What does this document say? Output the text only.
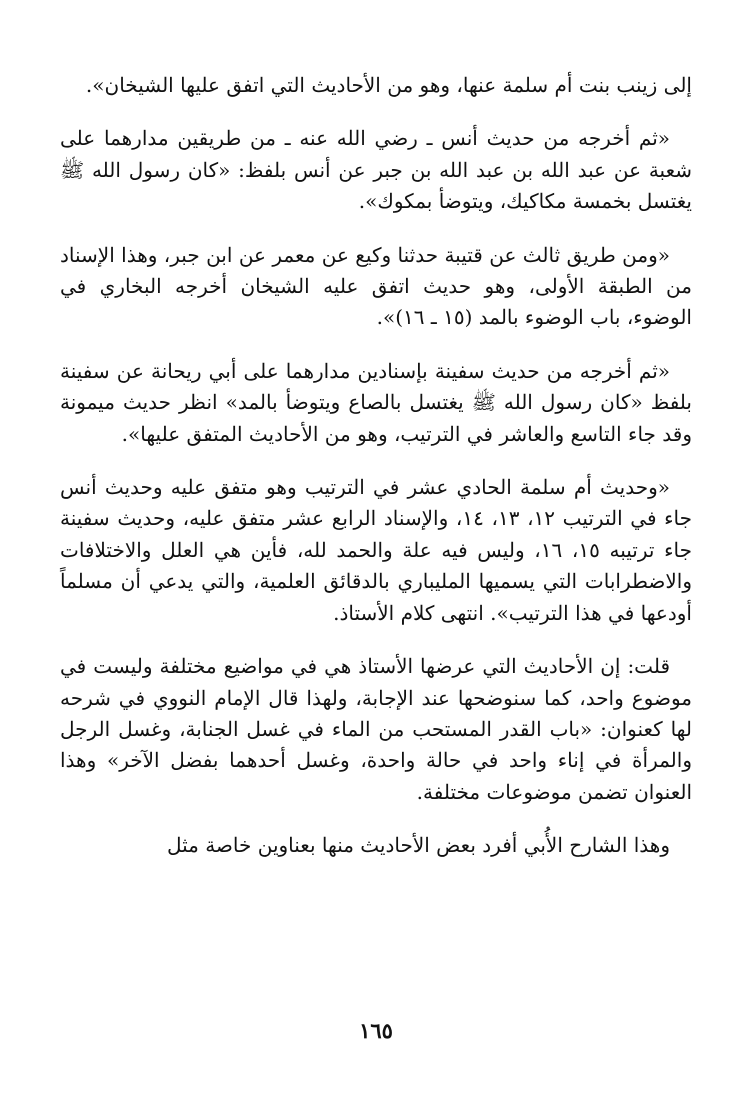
إلى زينب بنت أم سلمة عنها، وهو من الأحاديث التي اتفق عليها الشيخان».

«ثم أخرجه من حديث أنس ـ رضي الله عنه ـ من طريقين مدارهما على شعبة عن عبد الله بن عبد الله بن جبر عن أنس بلفظ: «كان رسول الله ﷺ يغتسل بخمسة مكاكيك، ويتوضأ بمكوك».

«ومن طريق ثالث عن قتيبة حدثنا وكيع عن معمر عن ابن جبر، وهذا الإسناد من الطبقة الأولى، وهو حديث اتفق عليه الشيخان أخرجه البخاري في الوضوء، باب الوضوء بالمد (١٥ ـ ١٦)».

«ثم أخرجه من حديث سفينة بإسنادين مدارهما على أبي ريحانة عن سفينة بلفظ «كان رسول الله ﷺ يغتسل بالصاع ويتوضأ بالمد» انظر حديث ميمونة وقد جاء التاسع والعاشر في الترتيب، وهو من الأحاديث المتفق عليها».

«وحديث أم سلمة الحادي عشر في الترتيب وهو متفق عليه وحديث أنس جاء في الترتيب ١٢، ١٣، ١٤، والإسناد الرابع عشر متفق عليه، وحديث سفينة جاء ترتيبه ١٥، ١٦، وليس فيه علة والحمد لله، فأين هي العلل والاختلافات والاضطرابات التي يسميها المليباري بالدقائق العلمية، والتي يدعي أن مسلماً أودعها في هذا الترتيب». انتهى كلام الأستاذ.

قلت: إن الأحاديث التي عرضها الأستاذ هي في مواضيع مختلفة وليست في موضوع واحد، كما سنوضحها عند الإجابة، ولهذا قال الإمام النووي في شرحه لها كعنوان: «باب القدر المستحب من الماء في غسل الجنابة، وغسل الرجل والمرأة في إناء واحد في حالة واحدة، وغسل أحدهما بفضل الآخر» وهذا العنوان تضمن موضوعات مختلفة.

وهذا الشارح الأُبي أفرد بعض الأحاديث منها بعناوين خاصة مثل

١٦٥
